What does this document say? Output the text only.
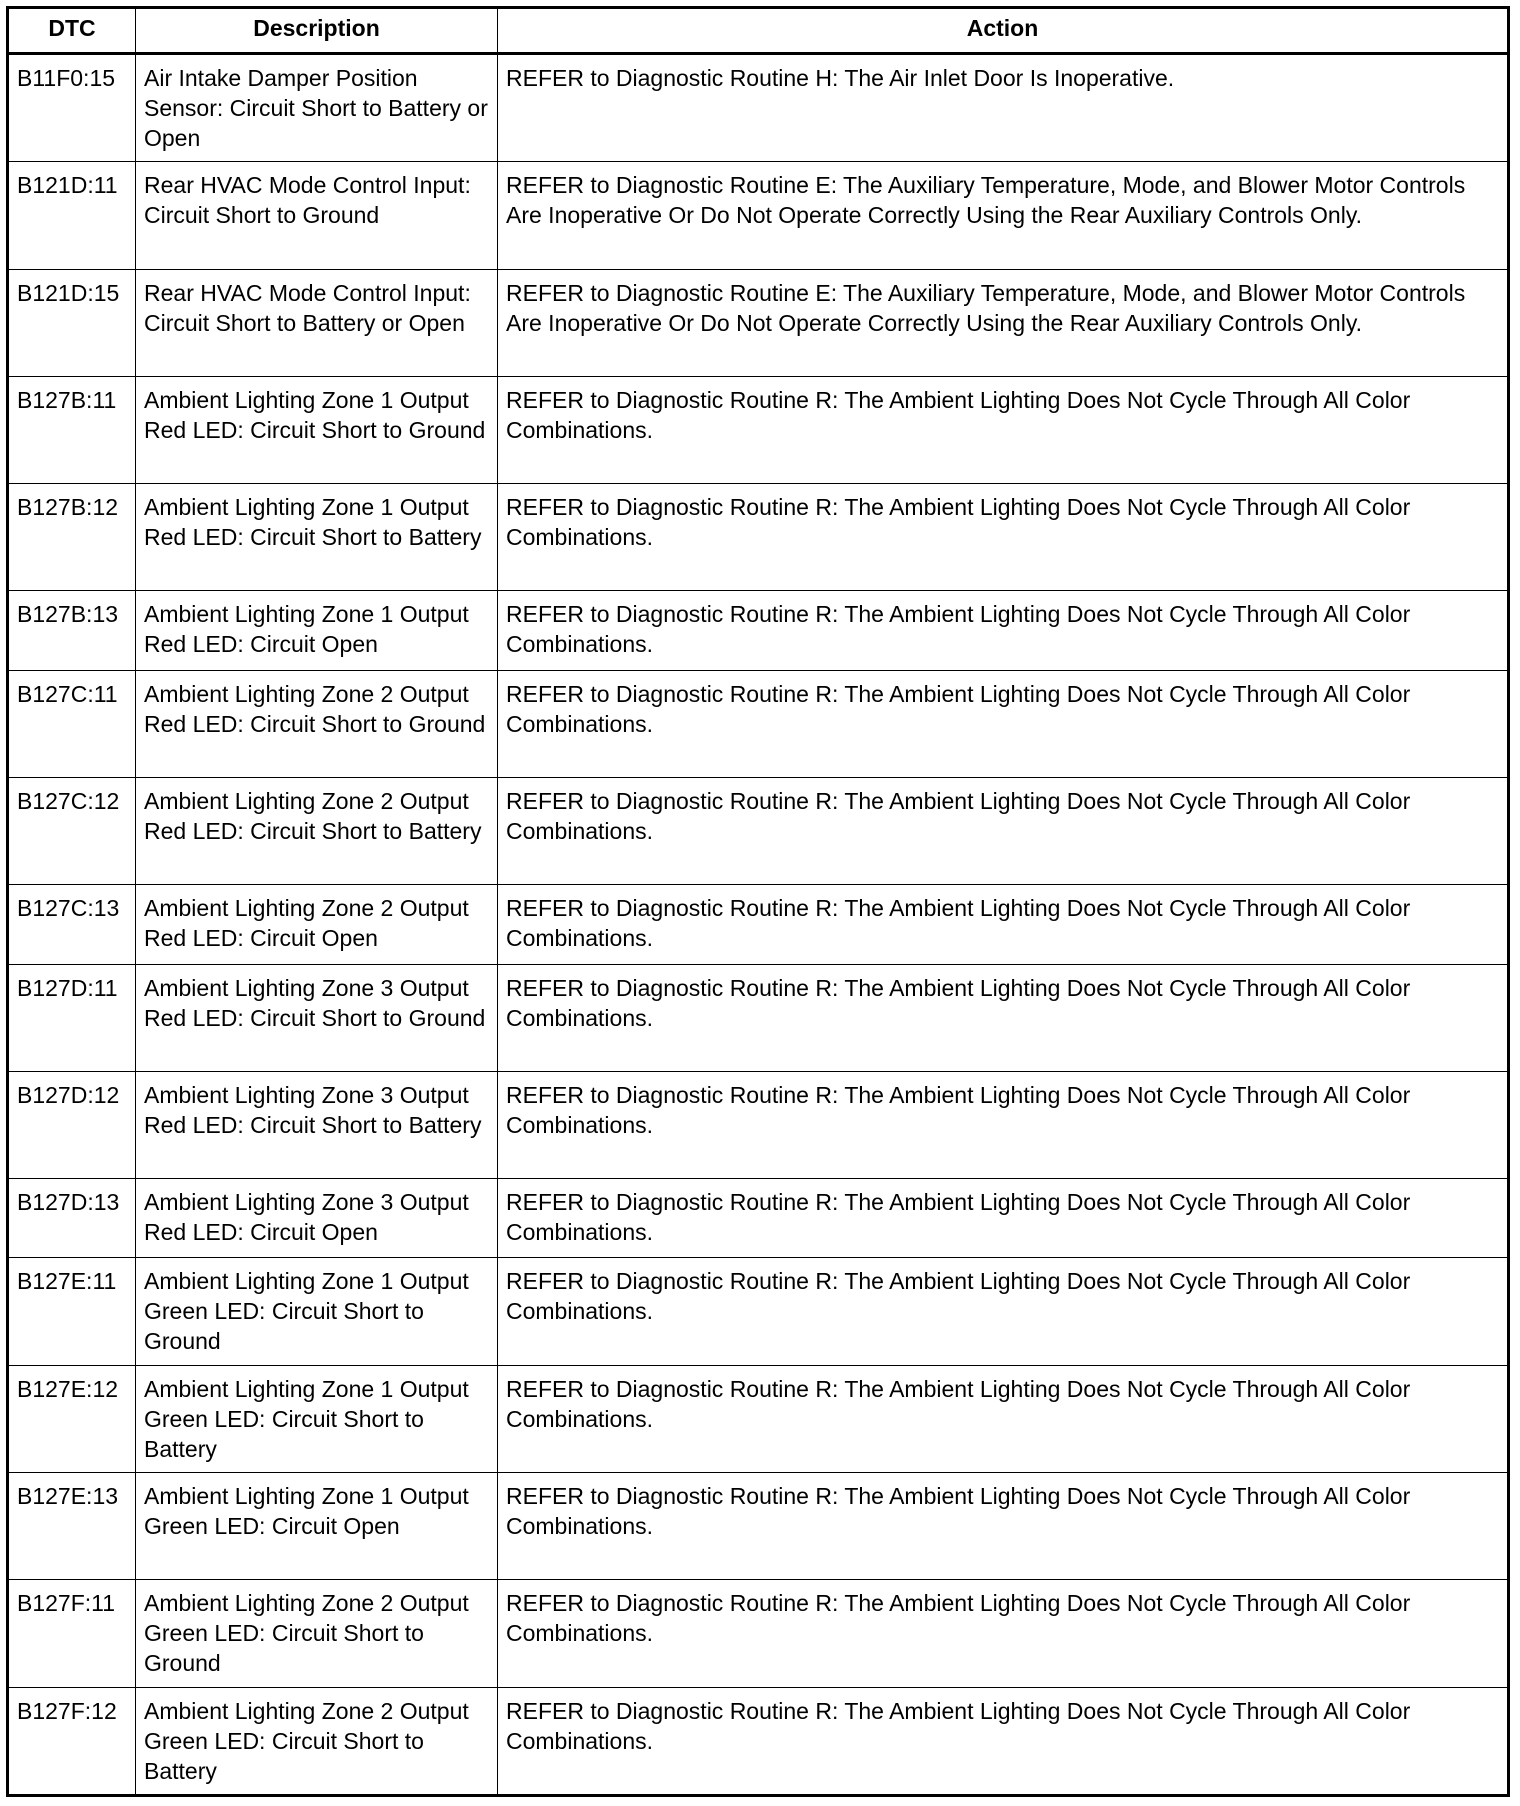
DTC	Description	Action
B11F0:15	Air Intake Damper Position Sensor: Circuit Short to Battery or Open	REFER to Diagnostic Routine H: The Air Inlet Door Is Inoperative.
B121D:11	Rear HVAC Mode Control Input: Circuit Short to Ground	REFER to Diagnostic Routine E: The Auxiliary Temperature, Mode, and Blower Motor Controls Are Inoperative Or Do Not Operate Correctly Using the Rear Auxiliary Controls Only.
B121D:15	Rear HVAC Mode Control Input: Circuit Short to Battery or Open	REFER to Diagnostic Routine E: The Auxiliary Temperature, Mode, and Blower Motor Controls Are Inoperative Or Do Not Operate Correctly Using the Rear Auxiliary Controls Only.
B127B:11	Ambient Lighting Zone 1 Output Red LED: Circuit Short to Ground	REFER to Diagnostic Routine R: The Ambient Lighting Does Not Cycle Through All Color Combinations.
B127B:12	Ambient Lighting Zone 1 Output Red LED: Circuit Short to Battery	REFER to Diagnostic Routine R: The Ambient Lighting Does Not Cycle Through All Color Combinations.
B127B:13	Ambient Lighting Zone 1 Output Red LED: Circuit Open	REFER to Diagnostic Routine R: The Ambient Lighting Does Not Cycle Through All Color Combinations.
B127C:11	Ambient Lighting Zone 2 Output Red LED: Circuit Short to Ground	REFER to Diagnostic Routine R: The Ambient Lighting Does Not Cycle Through All Color Combinations.
B127C:12	Ambient Lighting Zone 2 Output Red LED: Circuit Short to Battery	REFER to Diagnostic Routine R: The Ambient Lighting Does Not Cycle Through All Color Combinations.
B127C:13	Ambient Lighting Zone 2 Output Red LED: Circuit Open	REFER to Diagnostic Routine R: The Ambient Lighting Does Not Cycle Through All Color Combinations.
B127D:11	Ambient Lighting Zone 3 Output Red LED: Circuit Short to Ground	REFER to Diagnostic Routine R: The Ambient Lighting Does Not Cycle Through All Color Combinations.
B127D:12	Ambient Lighting Zone 3 Output Red LED: Circuit Short to Battery	REFER to Diagnostic Routine R: The Ambient Lighting Does Not Cycle Through All Color Combinations.
B127D:13	Ambient Lighting Zone 3 Output Red LED: Circuit Open	REFER to Diagnostic Routine R: The Ambient Lighting Does Not Cycle Through All Color Combinations.
B127E:11	Ambient Lighting Zone 1 Output Green LED: Circuit Short to Ground	REFER to Diagnostic Routine R: The Ambient Lighting Does Not Cycle Through All Color Combinations.
B127E:12	Ambient Lighting Zone 1 Output Green LED: Circuit Short to Battery	REFER to Diagnostic Routine R: The Ambient Lighting Does Not Cycle Through All Color Combinations.
B127E:13	Ambient Lighting Zone 1 Output Green LED: Circuit Open	REFER to Diagnostic Routine R: The Ambient Lighting Does Not Cycle Through All Color Combinations.
B127F:11	Ambient Lighting Zone 2 Output Green LED: Circuit Short to Ground	REFER to Diagnostic Routine R: The Ambient Lighting Does Not Cycle Through All Color Combinations.
B127F:12	Ambient Lighting Zone 2 Output Green LED: Circuit Short to Battery	REFER to Diagnostic Routine R: The Ambient Lighting Does Not Cycle Through All Color Combinations.
